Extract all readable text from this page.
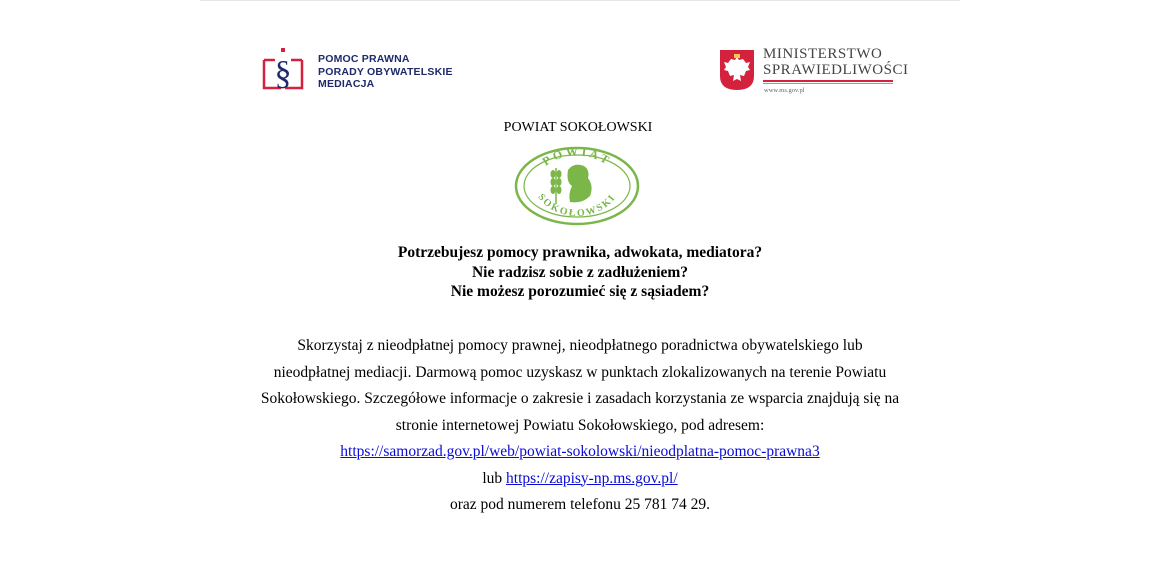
§	POMOC PRAWNA
PORADY OBYWATELSKIE
MEDIACJA
MINISTERSTWO
SPRAWIEDLIWOŚCI
www.ms.gov.pl
POWIAT SOKOŁOWSKI
POWIAT
SOKOŁOWSKI
Potrzebujesz pomocy prawnika, adwokata, mediatora?
Nie radzisz sobie z zadłużeniem?
Nie możesz porozumieć się z sąsiadem?
Skorzystaj z nieodpłatnej pomocy prawnej, nieodpłatnego poradnictwa obywatelskiego lub
nieodpłatnej mediacji. Darmową pomoc uzyskasz w punktach zlokalizowanych na terenie Powiatu
Sokołowskiego. Szczegółowe informacje o zakresie i zasadach korzystania ze wsparcia znajdują się na
stronie internetowej Powiatu Sokołowskiego, pod adresem:
https://samorzad.gov.pl/web/powiat-sokolowski/nieodplatna-pomoc-prawna3
lub https://zapisy-np.ms.gov.pl/
oraz pod numerem telefonu 25 781 74 29.
